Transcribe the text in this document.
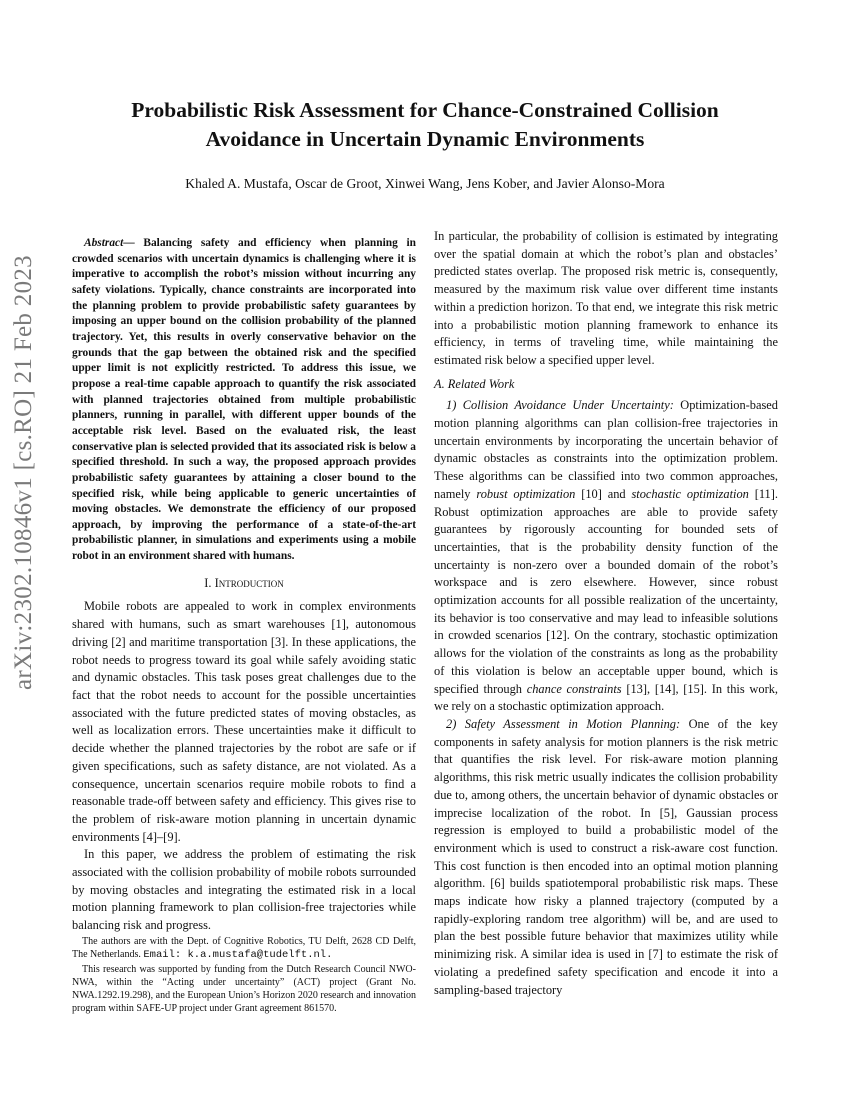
arXiv:2302.10846v1 [cs.RO] 21 Feb 2023
Probabilistic Risk Assessment for Chance-Constrained Collision
Avoidance in Uncertain Dynamic Environments
Khaled A. Mustafa, Oscar de Groot, Xinwei Wang, Jens Kober, and Javier Alonso-Mora

Abstract— Balancing safety and efficiency when planning in crowded scenarios with uncertain dynamics is challenging where it is imperative to accomplish the robot’s mission without incurring any safety violations. Typically, chance constraints are incorporated into the planning problem to provide probabilistic safety guarantees by imposing an upper bound on the collision probability of the planned trajectory. Yet, this results in overly conservative behavior on the grounds that the gap between the obtained risk and the specified upper limit is not explicitly restricted. To address this issue, we propose a real-time capable approach to quantify the risk associated with planned trajectories obtained from multiple probabilistic planners, running in parallel, with different upper bounds of the acceptable risk level. Based on the evaluated risk, the least conservative plan is selected provided that its associated risk is below a specified threshold. In such a way, the proposed approach provides probabilistic safety guarantees by attaining a closer bound to the specified risk, while being applicable to generic uncertainties of moving obstacles. We demonstrate the efficiency of our proposed approach, by improving the performance of a state-of-the-art probabilistic planner, in simulations and experiments using a mobile robot in an environment shared with humans.

I. Introduction

Mobile robots are appealed to work in complex environments shared with humans, such as smart warehouses [1], autonomous driving [2] and maritime transportation [3]. In these applications, the robot needs to progress toward its goal while safely avoiding static and dynamic obstacles. This task poses great challenges due to the fact that the robot needs to account for the possible uncertainties associated with the future predicted states of moving obstacles, as well as localization errors. These uncertainties make it difficult to decide whether the planned trajectories by the robot are safe or if given specifications, such as safety distance, are not violated. As a consequence, uncertain scenarios require mobile robots to find a reasonable trade-off between safety and efficiency. This gives rise to the problem of risk-aware motion planning in uncertain dynamic environments [4]–[9].

In this paper, we address the problem of estimating the risk associated with the collision probability of mobile robots surrounded by moving obstacles and integrating the estimated risk in a local motion planning framework to plan collision-free trajectories while balancing risk and progress.

The authors are with the Dept. of Cognitive Robotics, TU Delft, 2628 CD Delft, The Netherlands. Email: k.a.mustafa@tudelft.nl.

This research was supported by funding from the Dutch Research Council NWO-NWA, within the “Acting under uncertainty” (ACT) project (Grant No. NWA.1292.19.298), and the European Union’s Horizon 2020 research and innovation program within SAFE-UP project under Grant agreement 861570.

In particular, the probability of collision is estimated by integrating over the spatial domain at which the robot’s plan and obstacles’ predicted states overlap. The proposed risk metric is, consequently, measured by the maximum risk value over different time instants within a prediction horizon. To that end, we integrate this risk metric into a probabilistic motion planning framework to enhance its efficiency, in terms of traveling time, while maintaining the estimated risk below a specified upper level.

A. Related Work

1) Collision Avoidance Under Uncertainty: Optimization-based motion planning algorithms can plan collision-free trajectories in uncertain environments by incorporating the uncertain behavior of dynamic obstacles as constraints into the optimization problem. These algorithms can be classified into two common approaches, namely robust optimization [10] and stochastic optimization [11]. Robust optimization approaches are able to provide safety guarantees by rigorously accounting for bounded sets of uncertainties, that is the probability density function of the uncertainty is non-zero over a bounded domain of the robot’s workspace and is zero elsewhere. However, since robust optimization accounts for all possible realization of the uncertainty, its behavior is too conservative and may lead to infeasible solutions in crowded scenarios [12]. On the contrary, stochastic optimization allows for the violation of the constraints as long as the probability of this violation is below an acceptable upper bound, which is specified through chance constraints [13], [14], [15]. In this work, we rely on a stochastic optimization approach.

2) Safety Assessment in Motion Planning: One of the key components in safety analysis for motion planners is the risk metric that quantifies the risk level. For risk-aware motion planning algorithms, this risk metric usually indicates the collision probability due to, among others, the uncertain behavior of dynamic obstacles or imprecise localization of the robot. In [5], Gaussian process regression is employed to build a probabilistic model of the environment which is used to construct a risk-aware cost function. This cost function is then encoded into an optimal motion planning algorithm. [6] builds spatiotemporal probabilistic risk maps. These maps indicate how risky a planned trajectory (computed by a rapidly-exploring random tree algorithm) will be, and are used to plan the best possible future behavior that maximizes utility while minimizing risk. A similar idea is used in [7] to estimate the risk of violating a predefined safety specification and encode it into a sampling-based trajectory
